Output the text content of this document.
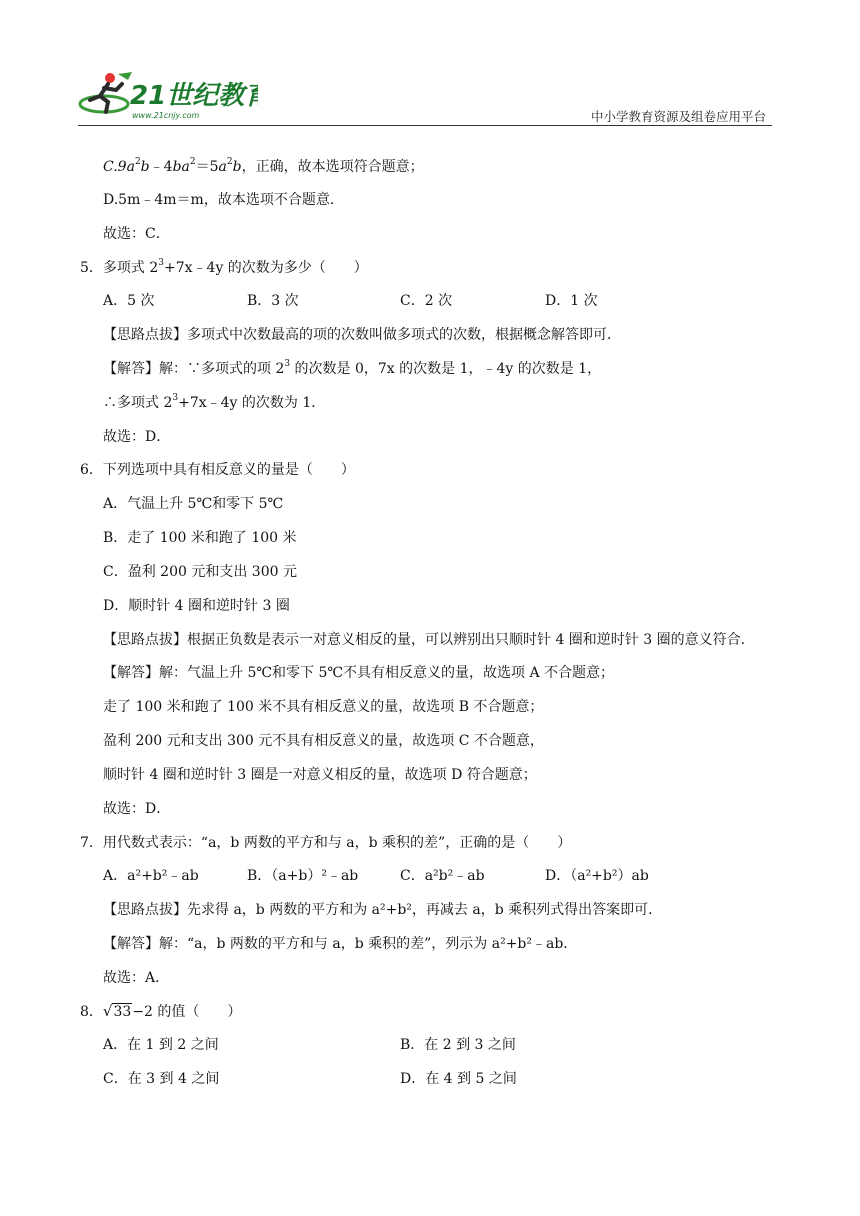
21世纪教育
www.21cnjy.com	中小学教育资源及组卷应用平台
$C.9a^2b﹣4ba^2=5a^2b$，正确，故本选项符合题意；
D.5m﹣4m＝m，故本选项不合题意．
故选：C．
5．多项式 $2^3+7x﹣4y$ 的次数为多少（　　）
A．5 次	B．3 次	C．2 次	D．1 次
【思路点拔】多项式中次数最高的项的次数叫做多项式的次数，根据概念解答即可．
【解答】解：∵多项式的项 $2^3$ 的次数是 0，7x 的次数是 1，﹣4y 的次数是 1，
∴多项式 $2^3+7x﹣4y$ 的次数为 1．
故选：D．
6．下列选项中具有相反意义的量是（　　）
A．气温上升 5℃和零下 5℃
B．走了 100 米和跑了 100 米
C．盈利 200 元和支出 300 元
D．顺时针 4 圈和逆时针 3 圈
【思路点拔】根据正负数是表示一对意义相反的量，可以辨别出只顺时针 4 圈和逆时针 3 圈的意义符合．
【解答】解：气温上升 5℃和零下 5℃不具有相反意义的量，故选项 A 不合题意；
走了 100 米和跑了 100 米不具有相反意义的量，故选项 B 不合题意；
盈利 200 元和支出 300 元不具有相反意义的量，故选项 C 不合题意，
顺时针 4 圈和逆时针 3 圈是一对意义相反的量，故选项 D 符合题意；
故选：D．
7．用代数式表示：“a，b 两数的平方和与 a，b 乘积的差”，正确的是（　　）
A．a²+b²﹣ab	B．（a+b）²﹣ab	C．a²b²﹣ab	D．（a²+b²）ab
【思路点拔】先求得 a，b 两数的平方和为 a²+b²，再减去 a，b 乘积列式得出答案即可．
【解答】解：“a，b 两数的平方和与 a，b 乘积的差”，列示为 a²+b²﹣ab．
故选：A．
8．√33−2 的值（　　）
A．在 1 到 2 之间	B．在 2 到 3 之间
C．在 3 到 4 之间	D．在 4 到 5 之间
